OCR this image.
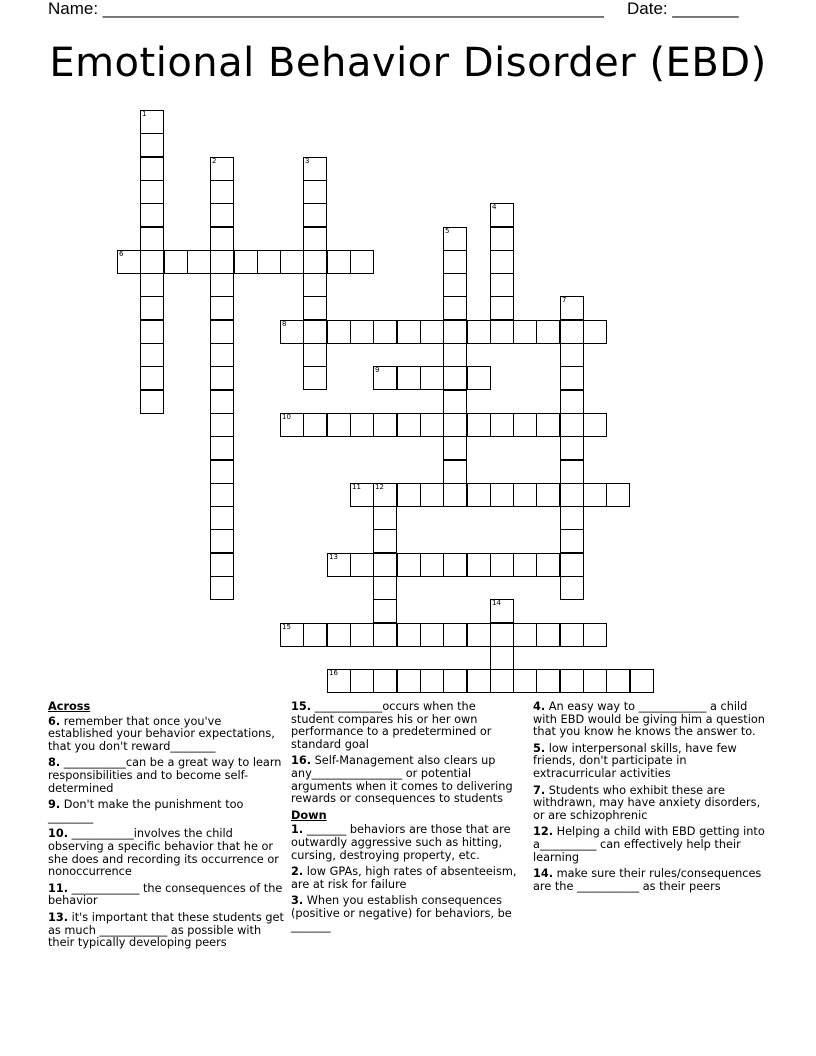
Name: _____________________________________________________ Date: _______
Emotional Behavior Disorder (EBD)
1
2	3
4
5
6
7
8
9
10
11 12
13
14
15
16
Across
6. remember that once you've established your behavior expectations, that you don't reward________
8. ___________can be a great way to learn responsibilities and to become self-determined
9. Don't make the punishment too ________
10. ___________involves the child observing a specific behavior that he or she does and recording its occurrence or nonoccurrence
11. ____________ the consequences of the behavior
13. it's important that these students get as much ____________ as possible with their typically developing peers
15. ____________occurs when the student compares his or her own performance to a predetermined or standard goal
16. Self-Management also clears up any________________ or potential arguments when it comes to delivering rewards or consequences to students
Down
1. _______ behaviors are those that are outwardly aggressive such as hitting, cursing, destroying property, etc.
2. low GPAs, high rates of absenteeism, are at risk for failure
3. When you establish consequences (positive or negative) for behaviors, be _______
4. An easy way to ____________ a child with EBD would be giving him a question that you know he knows the answer to.
5. low interpersonal skills, have few friends, don't participate in extracurricular activities
7. Students who exhibit these are withdrawn, may have anxiety disorders, or are schizophrenic
12. Helping a child with EBD getting into a__________ can effectively help their learning
14. make sure their rules/consequences are the ___________ as their peers
